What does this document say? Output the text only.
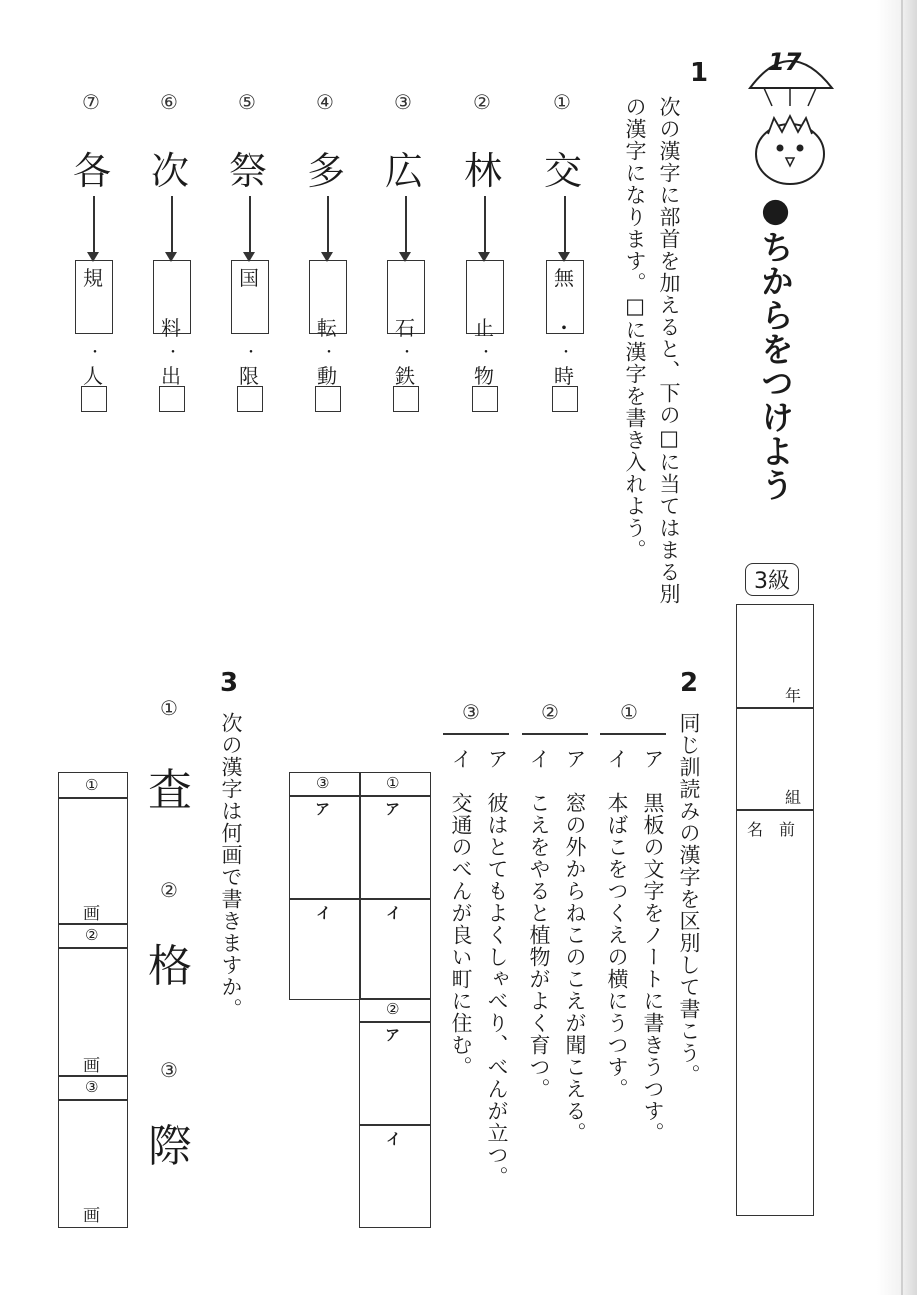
17
●ちからをつけよう
3級
年
組
名　前
1
次の漢字に部首を加えると、下の□に当てはまる別の漢字になります。□に漢字を書き入れよう。
①
交
無
・
・
時
②
林
止
・
物
③
広
石
・
鉄
④
多
転
・
動
⑤
祭
国
・
限
⑥
次
料
・
出
⑦
各
規
・
人
2
同じ訓読みの漢字を区別して書こう。
①
②
③
ア　黒板の文字をノートに書きうつす。
イ　本ばこをつくえの横にうつす。
ア　窓の外からねこのこえが聞こえる。
イ　こえをやると植物がよく育つ。
ア　彼はとてもよくしゃべり、べんが立つ。
イ　交通のべんが良い町に住む。
①
③
ア
ア
イ
イ
②
ア
イ
3
次の漢字は何画で書きますか。
①
査
②
格
③
際
①
②
③
画
画
画
